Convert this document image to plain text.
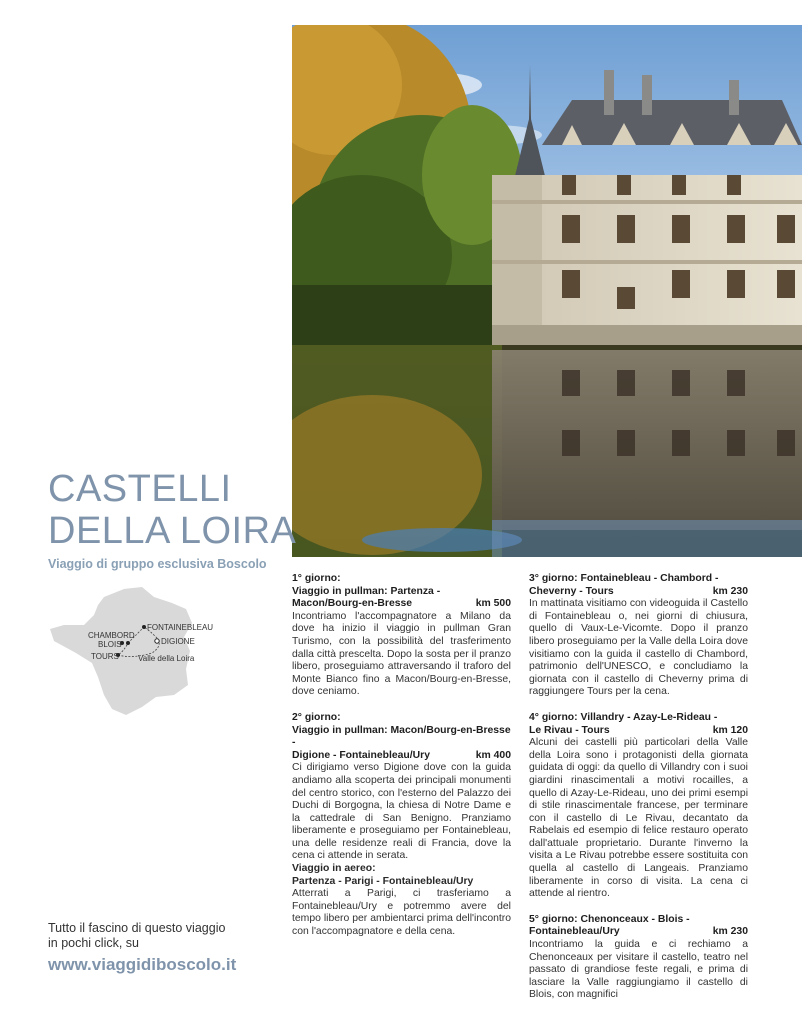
CASTELLI
DELLA LOIRA
Viaggio di gruppo esclusiva Boscolo
FONTAINEBLEAU
CHAMBORD
BLOIS	DIGIONE
TOURS Valle della Loira
Tutto il fascino di questo viaggio
in pochi click, su
www.viaggidiboscolo.it
1° giorno:
Viaggio in pullman: Partenza -
Macon/Bourg-en-Bresse	km 500
Incontriamo l'accompagnatore a Milano da dove ha inizio il viaggio in pullman Gran Turismo, con la possibilità del trasferimento dalla città prescelta. Dopo la sosta per il pranzo libero, proseguiamo attraversando il traforo del Monte Bianco fino a Macon/Bourg-en-Bresse, dove ceniamo.
2° giorno:
Viaggio in pullman: Macon/Bourg-en-Bresse -
Digione - Fontainebleau/Ury	km 400
Ci dirigiamo verso Digione dove con la guida andiamo alla scoperta dei principali monumenti del centro storico, con l'esterno del Palazzo dei Duchi di Borgogna, la chiesa di Notre Dame e la cattedrale di San Benigno. Pranziamo liberamente e proseguiamo per Fontainebleau, una delle residenze reali di Francia, dove la cena ci attende in serata.
Viaggio in aereo:
Partenza - Parigi - Fontainebleau/Ury
Atterrati a Parigi, ci trasferiamo a Fontainebleau/Ury e potremmo avere del tempo libero per ambientarci prima dell'incontro con l'accompagnatore e della cena.
3° giorno: Fontainebleau - Chambord -
Cheverny - Tours	km 230
In mattinata visitiamo con videoguida il Castello di Fontainebleau o, nei giorni di chiusura, quello di Vaux-Le-Vicomte. Dopo il pranzo libero proseguiamo per la Valle della Loira dove visitiamo con la guida il castello di Chambord, patrimonio dell'UNESCO, e concludiamo la giornata con il castello di Cheverny prima di raggiungere Tours per la cena.
4° giorno: Villandry - Azay-Le-Rideau -
Le Rivau - Tours	km 120
Alcuni dei castelli più particolari della Valle della Loira sono i protagonisti della giornata guidata di oggi: da quello di Villandry con i suoi giardini rinascimentali a motivi rocailles, a quello di Azay-Le-Rideau, uno dei primi esempi di stile rinascimentale francese, per terminare con il castello di Le Rivau, decantato da Rabelais ed esempio di felice restauro operato dall'attuale proprietario. Durante l'inverno la visita a Le Rivau potrebbe essere sostituita con quella al castello di Langeais. Pranziamo liberamente in corso di visita. La cena ci attende al rientro.
5° giorno: Chenonceaux - Blois -
Fontainebleau/Ury	km 230
Incontriamo la guida e ci rechiamo a Chenonceaux per visitare il castello, teatro nel passato di grandiose feste regali, e prima di lasciare la Valle raggiungiamo il castello di Blois, con magnifici
